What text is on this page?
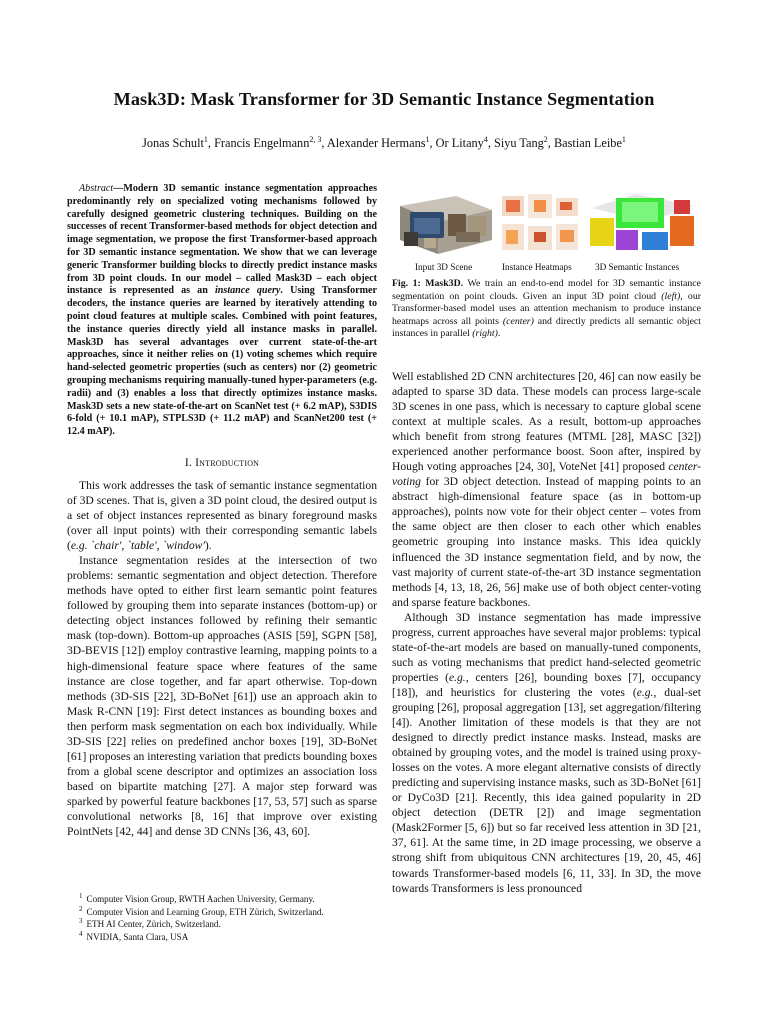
Mask3D: Mask Transformer for 3D Semantic Instance Segmentation
Jonas Schult$^1$, Francis Engelmann$^{2, 3}$, Alexander Hermans$^1$, Or Litany$^4$, Siyu Tang$^2$, Bastian Leibe$^1$

Abstract—Modern 3D semantic instance segmentation approaches predominantly rely on specialized voting mechanisms followed by carefully designed geometric clustering techniques. Building on the successes of recent Transformer-based methods for object detection and image segmentation, we propose the first Transformer-based approach for 3D semantic instance segmentation. We show that we can leverage generic Transformer building blocks to directly predict instance masks from 3D point clouds. In our model – called Mask3D – each object instance is represented as an instance query. Using Transformer decoders, the instance queries are learned by iteratively attending to point cloud features at multiple scales. Combined with point features, the instance queries directly yield all instance masks in parallel. Mask3D has several advantages over current state-of-the-art approaches, since it neither relies on (1) voting schemes which require hand-selected geometric properties (such as centers) nor (2) geometric grouping mechanisms requiring manually-tuned hyper-parameters (e.g. radii) and (3) enables a loss that directly optimizes instance masks. Mask3D sets a new state-of-the-art on ScanNet test (+ 6.2 mAP), S3DIS 6-fold (+ 10.1 mAP), STPLS3D (+ 11.2 mAP) and ScanNet200 test (+ 12.4 mAP).

I. Introduction

This work addresses the task of semantic instance segmentation of 3D scenes. That is, given a 3D point cloud, the desired output is a set of object instances represented as binary foreground masks (over all input points) with their corresponding semantic labels (e.g. `chair', `table', `window').

Instance segmentation resides at the intersection of two problems: semantic segmentation and object detection. Therefore methods have opted to either first learn semantic point features followed by grouping them into separate instances (bottom-up) or detecting object instances followed by refining their semantic mask (top-down). Bottom-up approaches (ASIS [59], SGPN [58], 3D-BEVIS [12]) employ contrastive learning, mapping points to a high-dimensional feature space where features of the same instance are close together, and far apart otherwise. Top-down methods (3D-SIS [22], 3D-BoNet [61]) use an approach akin to Mask R-CNN [19]: First detect instances as bounding boxes and then perform mask segmentation on each box individually. While 3D-SIS [22] relies on predefined anchor boxes [19], 3D-BoNet [61] proposes an interesting variation that predicts bounding boxes from a global scene descriptor and optimizes an association loss based on bipartite matching [27]. A major step forward was sparked by powerful feature backbones [17, 53, 57] such as sparse convolutional networks [8, 16] that improve over existing PointNets [42, 44] and dense 3D CNNs [36, 43, 60].

$^1$ Computer Vision Group, RWTH Aachen University, Germany.
$^2$ Computer Vision and Learning Group, ETH Zürich, Switzerland.
$^3$ ETH AI Center, Zürich, Switzerland.
$^4$ NVIDIA, Santa Clara, USA
Input 3D Scene	Instance Heatmaps	3D Semantic Instances
Fig. 1: Mask3D. We train an end-to-end model for 3D semantic instance segmentation on point clouds. Given an input 3D point cloud (left), our Transformer-based model uses an attention mechanism to produce instance heatmaps across all points (center) and directly predicts all semantic object instances in parallel (right).

Well established 2D CNN architectures [20, 46] can now easily be adapted to sparse 3D data. These models can process large-scale 3D scenes in one pass, which is necessary to capture global scene context at multiple scales. As a result, bottom-up approaches which benefit from strong features (MTML [28], MASC [32]) experienced another performance boost. Soon after, inspired by Hough voting approaches [24, 30], VoteNet [41] proposed center-voting for 3D object detection. Instead of mapping points to an abstract high-dimensional feature space (as in bottom-up approaches), points now vote for their object center – votes from the same object are then closer to each other which enables geometric grouping into instance masks. This idea quickly influenced the 3D instance segmentation field, and by now, the vast majority of current state-of-the-art 3D instance segmentation methods [4, 13, 18, 26, 56] make use of both object center-voting and sparse feature backbones.

Although 3D instance segmentation has made impressive progress, current approaches have several major problems: typical state-of-the-art models are based on manually-tuned components, such as voting mechanisms that predict hand-selected geometric properties (e.g., centers [26], bounding boxes [7], occupancy [18]), and heuristics for clustering the votes (e.g., dual-set grouping [26], proposal aggregation [13], set aggregation/filtering [4]). Another limitation of these models is that they are not designed to directly predict instance masks. Instead, masks are obtained by grouping votes, and the model is trained using proxy-losses on the votes. A more elegant alternative consists of directly predicting and supervising instance masks, such as 3D-BoNet [61] or DyCo3D [21]. Recently, this idea gained popularity in 2D object detection (DETR [2]) and image segmentation (Mask2Former [5, 6]) but so far received less attention in 3D [21, 37, 61]. At the same time, in 2D image processing, we observe a strong shift from ubiquitous CNN architectures [19, 20, 45, 46] towards Transformer-based models [6, 11, 33]. In 3D, the move towards Transformers is less pronounced
